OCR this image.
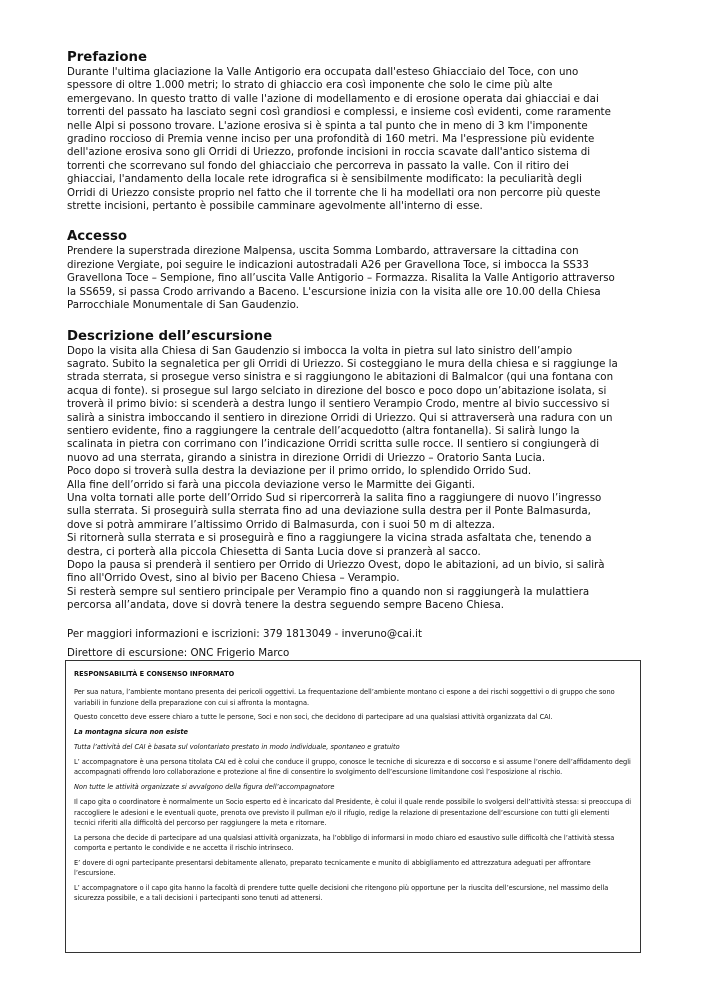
Prefazione

Durante l'ultima glaciazione la Valle Antigorio era occupata dall'esteso Ghiacciaio del Toce, con uno
spessore di oltre 1.000 metri; lo strato di ghiaccio era così imponente che solo le cime più alte
emergevano. In questo tratto di valle l'azione di modellamento e di erosione operata dai ghiacciai e dai
torrenti del passato ha lasciato segni così grandiosi e complessi, e insieme così evidenti, come raramente
nelle Alpi si possono trovare. L'azione erosiva si è spinta a tal punto che in meno di 3 km l'imponente
gradino roccioso di Premia venne inciso per una profondità di 160 metri. Ma l'espressione più evidente
dell'azione erosiva sono gli Orridi di Uriezzo, profonde incisioni in roccia scavate dall'antico sistema di
torrenti che scorrevano sul fondo del ghiacciaio che percorreva in passato la valle. Con il ritiro dei
ghiacciai, l'andamento della locale rete idrografica si è sensibilmente modificato: la peculiarità degli
Orridi di Uriezzo consiste proprio nel fatto che il torrente che li ha modellati ora non percorre più queste
strette incisioni, pertanto è possibile camminare agevolmente all'interno di esse.

Accesso

Prendere la superstrada direzione Malpensa, uscita Somma Lombardo, attraversare la cittadina con
direzione Vergiate, poi seguire le indicazioni autostradali A26 per Gravellona Toce, si imbocca la SS33
Gravellona Toce – Sempione, fino all’uscita Valle Antigorio – Formazza. Risalita la Valle Antigorio attraverso
la SS659, si passa Crodo arrivando a Baceno. L'escursione inizia con la visita alle ore 10.00 della Chiesa
Parrocchiale Monumentale di San Gaudenzio.

Descrizione dell’escursione

Dopo la visita alla Chiesa di San Gaudenzio si imbocca la volta in pietra sul lato sinistro dell’ampio
sagrato. Subito la segnaletica per gli Orridi di Uriezzo. Si costeggiano le mura della chiesa e si raggiunge la
strada sterrata, si prosegue verso sinistra e si raggiungono le abitazioni di Balmalcor (qui una fontana con
acqua di fonte). si prosegue sul largo selciato in direzione del bosco e poco dopo un’abitazione isolata, si
troverà il primo bivio: si scenderà a destra lungo il sentiero Verampio Crodo, mentre al bivio successivo si
salirà a sinistra imboccando il sentiero in direzione Orridi di Uriezzo. Qui si attraverserà una radura con un
sentiero evidente, fino a raggiungere la centrale dell’acquedotto (altra fontanella). Si salirà lungo la
scalinata in pietra con corrimano con l’indicazione Orridi scritta sulle rocce. Il sentiero si congiungerà di
nuovo ad una sterrata, girando a sinistra in direzione Orridi di Uriezzo – Oratorio Santa Lucia.
Poco dopo si troverà sulla destra la deviazione per il primo orrido, lo splendido Orrido Sud.
Alla fine dell’orrido si farà una piccola deviazione verso le Marmitte dei Giganti.
Una volta tornati alle porte dell’Orrido Sud si ripercorrerà la salita fino a raggiungere di nuovo l’ingresso
sulla sterrata. Si proseguirà sulla sterrata fino ad una deviazione sulla destra per il Ponte Balmasurda,
dove si potrà ammirare l’altissimo Orrido di Balmasurda, con i suoi 50 m di altezza.
Si ritornerà sulla sterrata e si proseguirà e fino a raggiungere la vicina strada asfaltata che, tenendo a
destra, ci porterà alla piccola Chiesetta di Santa Lucia dove si pranzerà al sacco.
Dopo la pausa si prenderà il sentiero per Orrido di Uriezzo Ovest, dopo le abitazioni, ad un bivio, si salirà
fino all'Orrido Ovest, sino al bivio per Baceno Chiesa – Verampio.
Si resterà sempre sul sentiero principale per Verampio fino a quando non si raggiungerà la mulattiera
percorsa all’andata, dove si dovrà tenere la destra seguendo sempre Baceno Chiesa.

Per maggiori informazioni e iscrizioni: 379 1813049 - inveruno@cai.it

Direttore di escursione: ONC Frigerio Marco

RESPONSABILITÀ E CONSENSO INFORMATO

Per sua natura, l’ambiente montano presenta dei pericoli oggettivi. La frequentazione dell’ambiente montano ci espone a dei rischi soggettivi o di gruppo che sono variabili in funzione della preparazione con cui si affronta la montagna.

Questo concetto deve essere chiaro a tutte le persone, Soci e non soci, che decidono di partecipare ad una qualsiasi attività organizzata dal CAI.

La montagna sicura non esiste

Tutta l’attività del CAI è basata sul volontariato prestato in modo individuale, spontaneo e gratuito

L’ accompagnatore è una persona titolata CAI ed è colui che conduce il gruppo, conosce le tecniche di sicurezza e di soccorso e si assume l’onere dell’affidamento degli accompagnati offrendo loro collaborazione e protezione al fine di consentire lo svolgimento dell’escursione limitandone così l’esposizione al rischio.

Non tutte le attività organizzate si avvalgono della figura dell’accompagnatore

Il capo gita o coordinatore è normalmente un Socio esperto ed è incaricato dal Presidente, è colui il quale rende possibile lo svolgersi dell’attività stessa: si preoccupa di raccogliere le adesioni e le eventuali quote, prenota ove previsto il pullman e/o il rifugio, redige la relazione di presentazione dell’escursione con tutti gli elementi tecnici riferiti alla difficoltà del percorso per raggiungere la meta e ritornare.

La persona che decide di partecipare ad una qualsiasi attività organizzata, ha l’obbligo di informarsi in modo chiaro ed esaustivo sulle difficoltà che l’attività stessa comporta e pertanto le condivide e ne accetta il rischio intrinseco.

E’ dovere di ogni partecipante presentarsi debitamente allenato, preparato tecnicamente e munito di abbigliamento ed attrezzatura adeguati per affrontare l’escursione.

L’ accompagnatore o il capo gita hanno la facoltà di prendere tutte quelle decisioni che ritengono più opportune per la riuscita dell’escursione, nel massimo della sicurezza possibile, e a tali decisioni i partecipanti sono tenuti ad attenersi.
